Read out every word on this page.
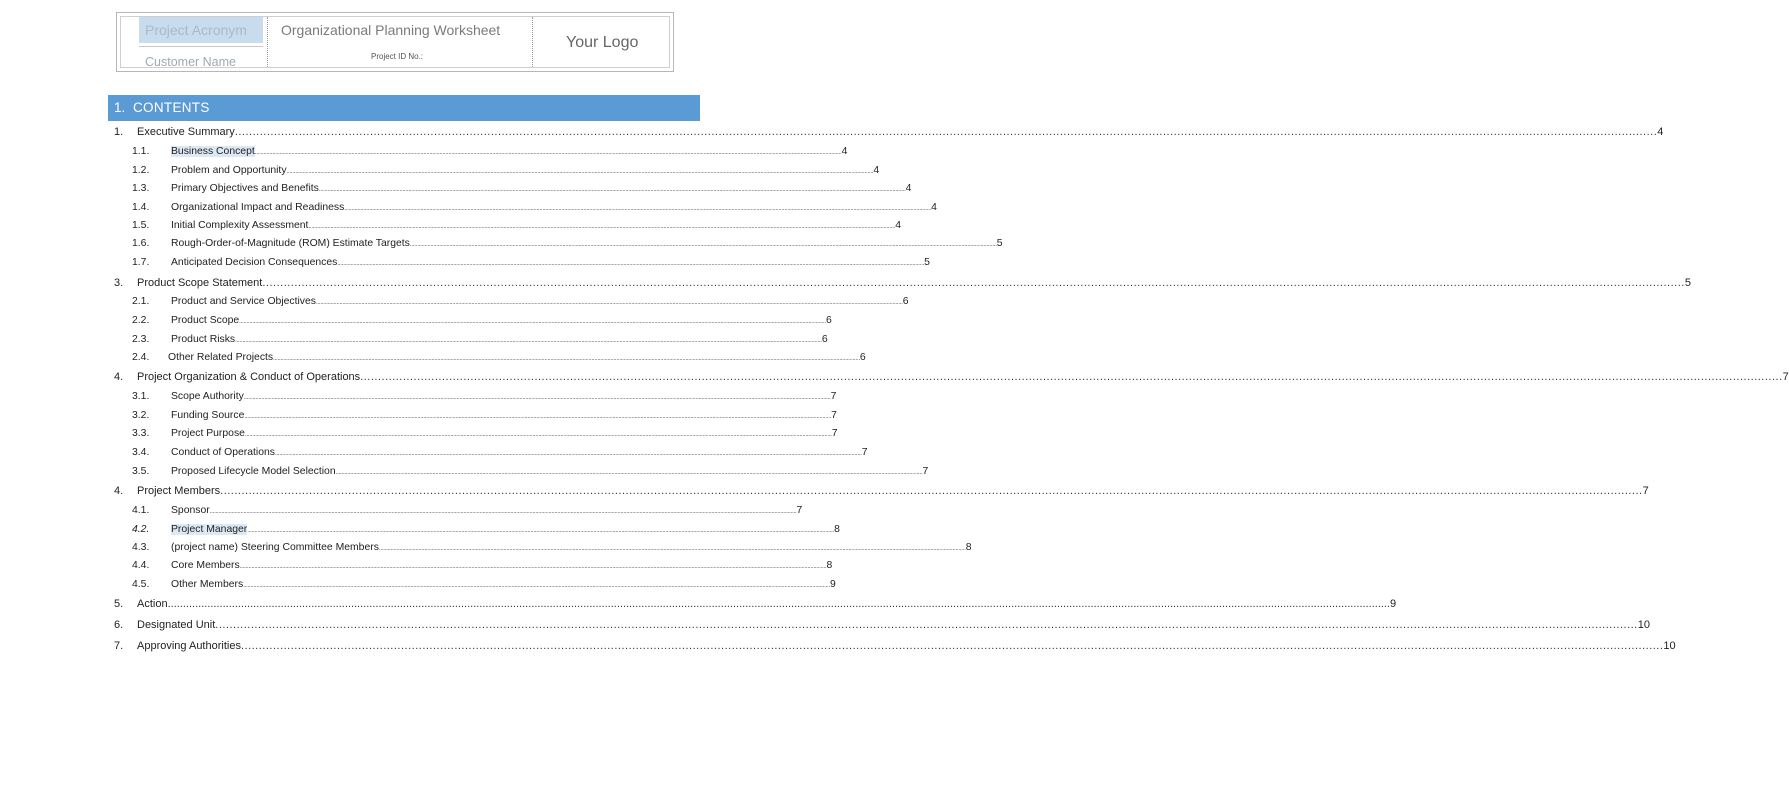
Project Acronym
Customer Name
Organizational Planning Worksheet
Project ID No.:
Your Logo
1. CONTENTS
1. Executive Summary ................................................................................................................................................................................................................................................................................................................................................................................................................ 4
1.1. Business Concept ................................................................................................................................................................................................................................................................................................................................................................................................................ 4
1.2. Problem and Opportunity ................................................................................................................................................................................................................................................................................................................................................................................................................ 4
1.3. Primary Objectives and Benefits ................................................................................................................................................................................................................................................................................................................................................................................................................ 4
1.4. Organizational Impact and Readiness ................................................................................................................................................................................................................................................................................................................................................................................................................ 4
1.5. Initial Complexity Assessment ................................................................................................................................................................................................................................................................................................................................................................................................................ 4
1.6. Rough-Order-of-Magnitude (ROM) Estimate Targets ................................................................................................................................................................................................................................................................................................................................................................................................................ 5
1.7. Anticipated Decision Consequences ................................................................................................................................................................................................................................................................................................................................................................................................................ 5
3. Product Scope Statement ................................................................................................................................................................................................................................................................................................................................................................................................................ 5
2.1. Product and Service Objectives ................................................................................................................................................................................................................................................................................................................................................................................................................ 6
2.2. Product Scope ................................................................................................................................................................................................................................................................................................................................................................................................................ 6
2.3. Product Risks ................................................................................................................................................................................................................................................................................................................................................................................................................ 6
2.4. Other Related Projects ................................................................................................................................................................................................................................................................................................................................................................................................................ 6
4. Project Organization & Conduct of Operations ................................................................................................................................................................................................................................................................................................................................................................................................................ 7
3.1. Scope Authority ................................................................................................................................................................................................................................................................................................................................................................................................................ 7
3.2. Funding Source ................................................................................................................................................................................................................................................................................................................................................................................................................ 7
3.3. Project Purpose ................................................................................................................................................................................................................................................................................................................................................................................................................ 7
3.4. Conduct of Operations ................................................................................................................................................................................................................................................................................................................................................................................................................ 7
3.5. Proposed Lifecycle Model Selection ................................................................................................................................................................................................................................................................................................................................................................................................................ 7
4. Project Members ................................................................................................................................................................................................................................................................................................................................................................................................................ 7
4.1. Sponsor ................................................................................................................................................................................................................................................................................................................................................................................................................ 7
4.2. Project Manager ................................................................................................................................................................................................................................................................................................................................................................................................................ 8
4.3. (project name) Steering Committee Members ................................................................................................................................................................................................................................................................................................................................................................................................................ 8
4.4. Core Members ................................................................................................................................................................................................................................................................................................................................................................................................................ 8
4.5. Other Members ................................................................................................................................................................................................................................................................................................................................................................................................................ 9
5. Action ................................................................................................................................................................................................................................................................................................................................................................................................................ 9
6. Designated Unit ................................................................................................................................................................................................................................................................................................................................................................................................................ 10
7. Approving Authorities ................................................................................................................................................................................................................................................................................................................................................................................................................ 10
